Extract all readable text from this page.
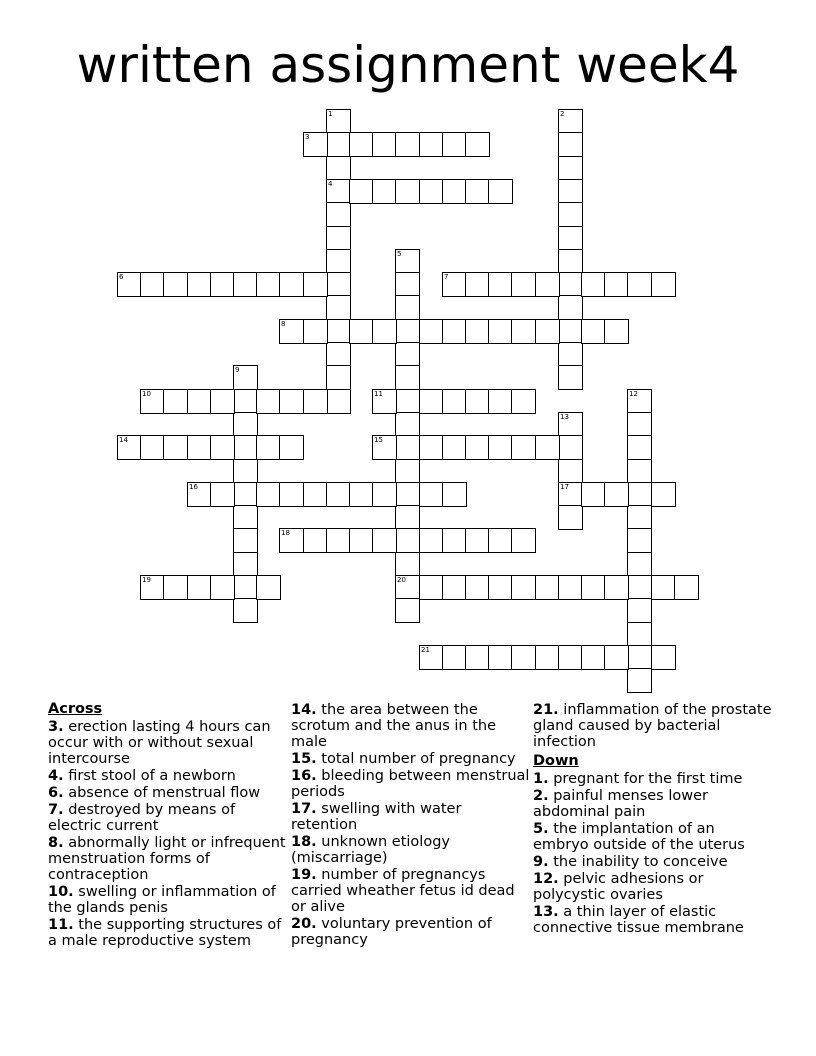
written assignment week4
1
4
2
3
5
20
6	7
8
9
10	11	12
13
17
14	15
16
18
19
21
Across
3. erection lasting 4 hours can occur with or without sexual intercourse
4. first stool of a newborn
6. absence of menstrual flow
7. destroyed by means of electric current
8. abnormally light or infrequent menstruation forms of contraception
10. swelling or inflammation of the glands penis
11. the supporting structures of a male reproductive system
14. the area between the scrotum and the anus in the male
15. total number of pregnancy
16. bleeding between menstrual periods
17. swelling with water retention
18. unknown etiology (miscarriage)
19. number of pregnancys carried wheather fetus id dead or alive
20. voluntary prevention of pregnancy
21. inflammation of the prostate gland caused by bacterial infection
Down
1. pregnant for the first time
2. painful menses lower abdominal pain
5. the implantation of an embryo outside of the uterus
9. the inability to conceive
12. pelvic adhesions or polycystic ovaries
13. a thin layer of elastic connective tissue membrane
